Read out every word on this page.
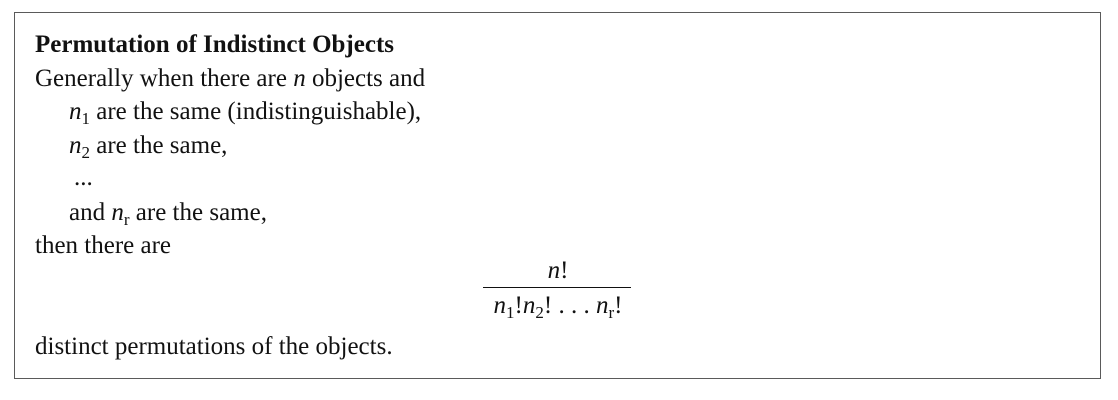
Permutation of Indistinct Objects
Generally when there are n objects and
$n_1$ are the same (indistinguishable),
$n_2$ are the same,
...
and $n_r$ are the same,
then there are
n!
$n_1!n_2$! . . . $n_r$!
distinct permutations of the objects.
